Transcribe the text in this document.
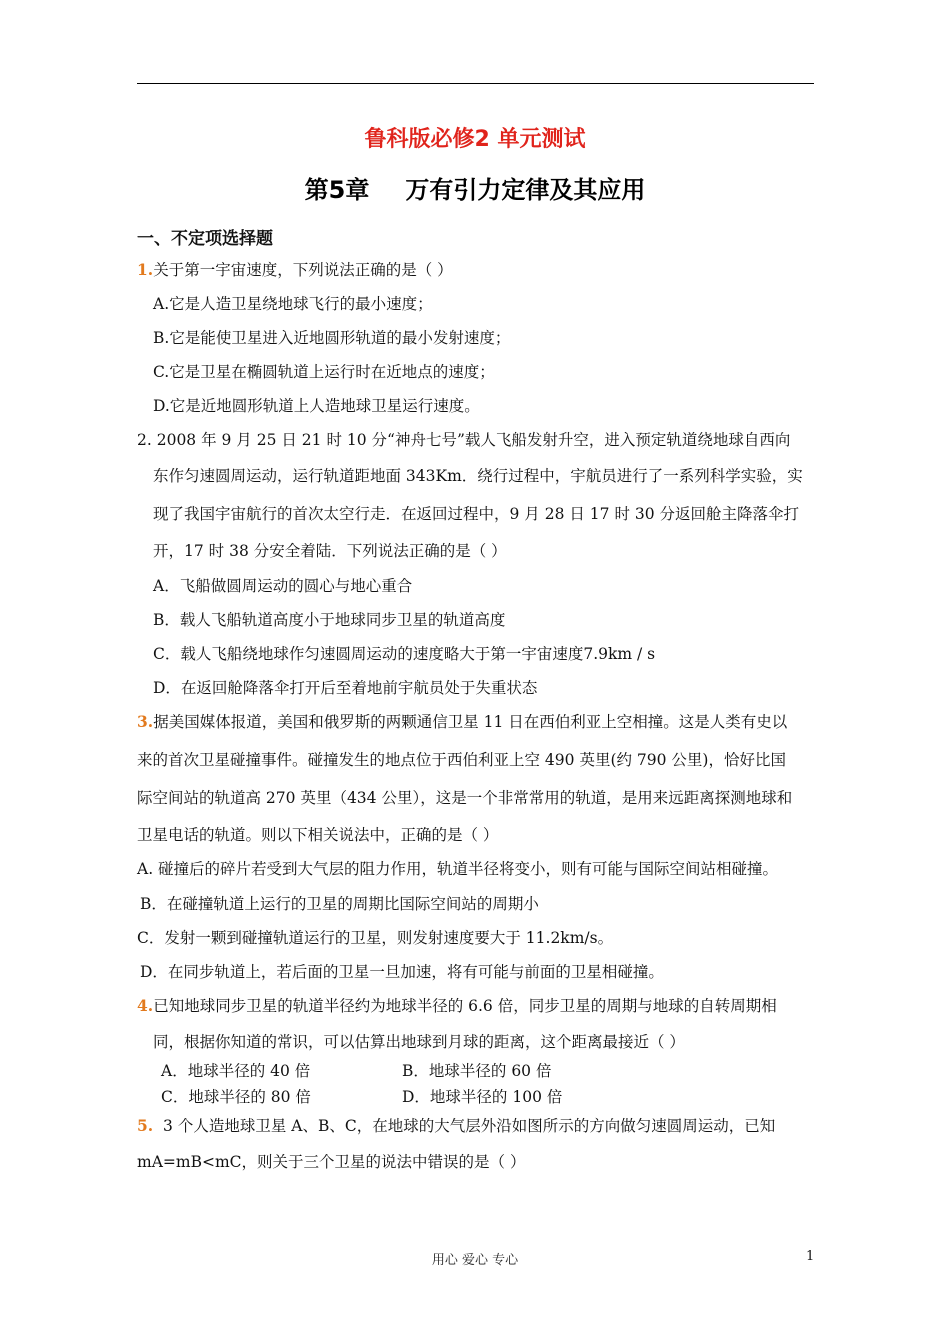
鲁科版必修2 单元测试
第5章 万有引力定律及其应用
一、不定项选择题
1.关于第一宇宙速度，下列说法正确的是（ ）
A.它是人造卫星绕地球飞行的最小速度；
B.它是能使卫星进入近地圆形轨道的最小发射速度；
C.它是卫星在椭圆轨道上运行时在近地点的速度；
D.它是近地圆形轨道上人造地球卫星运行速度。
2. 2008 年 9 月 25 日 21 时 10 分“神舟七号”载人飞船发射升空，进入预定轨道绕地球自西向
东作匀速圆周运动，运行轨道距地面 343Km．绕行过程中，宇航员进行了一系列科学实验，实
现了我国宇宙航行的首次太空行走．在返回过程中，9 月 28 日 17 时 30 分返回舱主降落伞打
开，17 时 38 分安全着陆．下列说法正确的是（ ）
A．飞船做圆周运动的圆心与地心重合
B．载人飞船轨道高度小于地球同步卫星的轨道高度
C．载人飞船绕地球作匀速圆周运动的速度略大于第一宇宙速度7.9km / s
D．在返回舱降落伞打开后至着地前宇航员处于失重状态
3.据美国媒体报道，美国和俄罗斯的两颗通信卫星 11 日在西伯利亚上空相撞。这是人类有史以
来的首次卫星碰撞事件。碰撞发生的地点位于西伯利亚上空 490 英里(约 790 公里)，恰好比国
际空间站的轨道高 270 英里（434 公里），这是一个非常常用的轨道，是用来远距离探测地球和
卫星电话的轨道。则以下相关说法中，正确的是（ ）
A. 碰撞后的碎片若受到大气层的阻力作用，轨道半径将变小，则有可能与国际空间站相碰撞。
B．在碰撞轨道上运行的卫星的周期比国际空间站的周期小
C．发射一颗到碰撞轨道运行的卫星，则发射速度要大于 11.2km/s。
D．在同步轨道上，若后面的卫星一旦加速，将有可能与前面的卫星相碰撞。
4.已知地球同步卫星的轨道半径约为地球半径的 6.6 倍，同步卫星的周期与地球的自转周期相
同，根据你知道的常识，可以估算出地球到月球的距离，这个距离最接近（ ）
A．地球半径的 40 倍	B．地球半径的 60 倍
C．地球半径的 80 倍	D．地球半径的 100 倍
5. 3 个人造地球卫星 A、B、C，在地球的大气层外沿如图所示的方向做匀速圆周运动，已知
mA=mB<mC，则关于三个卫星的说法中错误的是（ ）
用心 爱心 专心	1
